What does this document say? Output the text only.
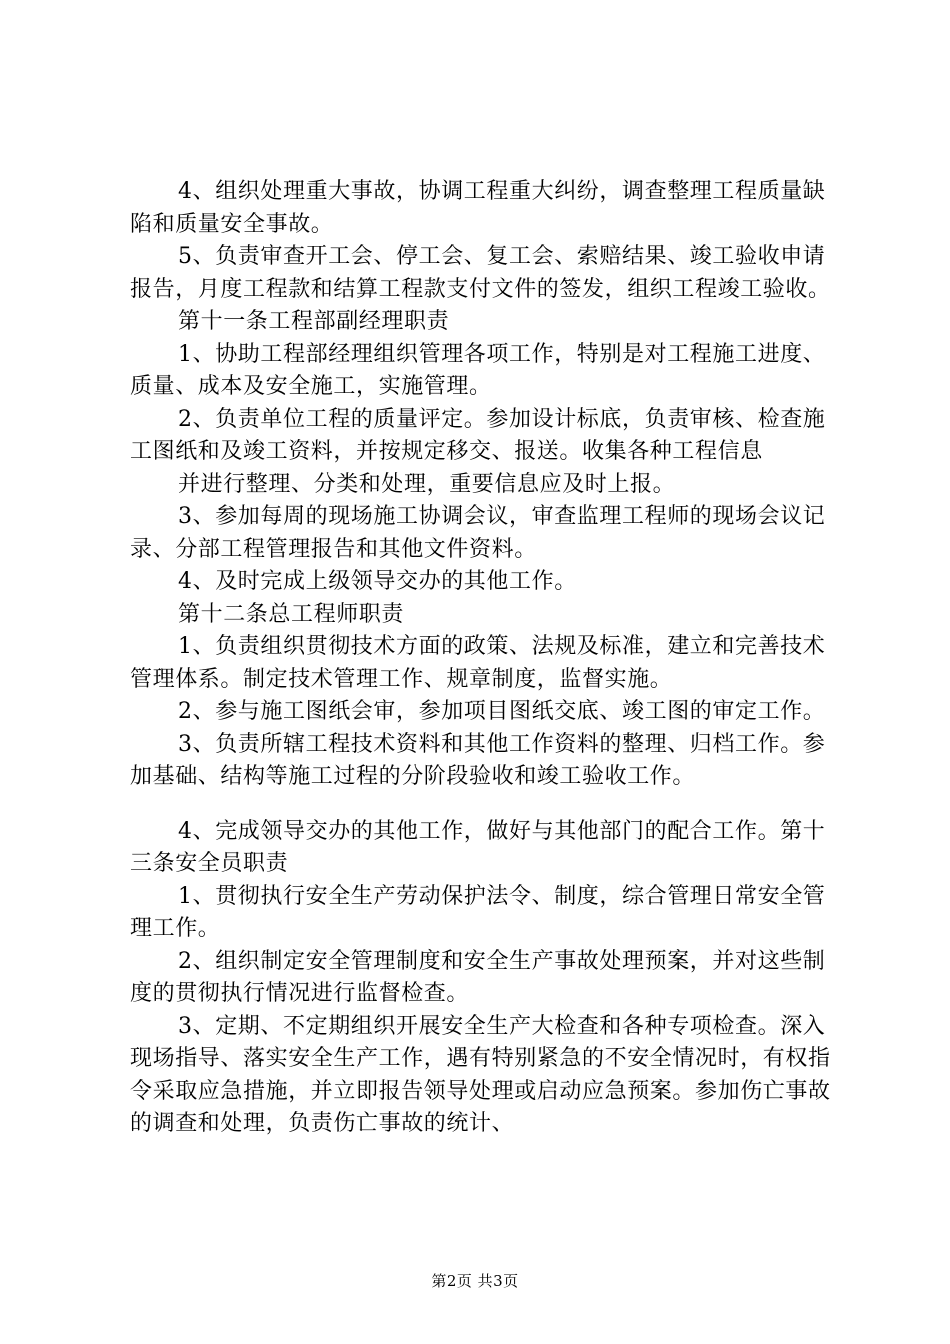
4、组织处理重大事故，协调工程重大纠纷，调查整理工程质量缺陷和质量安全事故。

5、负责审查开工会、停工会、复工会、索赔结果、竣工验收申请报告，月度工程款和结算工程款支付文件的签发，组织工程竣工验收。

第十一条工程部副经理职责

1、协助工程部经理组织管理各项工作，特别是对工程施工进度、质量、成本及安全施工，实施管理。

2、负责单位工程的质量评定。参加设计标底，负责审核、检查施工图纸和及竣工资料，并按规定移交、报送。收集各种工程信息

并进行整理、分类和处理，重要信息应及时上报。

3、参加每周的现场施工协调会议，审查监理工程师的现场会议记录、分部工程管理报告和其他文件资料。

4、及时完成上级领导交办的其他工作。

第十二条总工程师职责

1、负责组织贯彻技术方面的政策、法规及标准，建立和完善技术管理体系。制定技术管理工作、规章制度，监督实施。

2、参与施工图纸会审，参加项目图纸交底、竣工图的审定工作。

3、负责所辖工程技术资料和其他工作资料的整理、归档工作。参加基础、结构等施工过程的分阶段验收和竣工验收工作。

4、完成领导交办的其他工作，做好与其他部门的配合工作。第十三条安全员职责

1、贯彻执行安全生产劳动保护法令、制度，综合管理日常安全管理工作。

2、组织制定安全管理制度和安全生产事故处理预案，并对这些制度的贯彻执行情况进行监督检查。

3、定期、不定期组织开展安全生产大检查和各种专项检查。深入现场指导、落实安全生产工作，遇有特别紧急的不安全情况时，有权指令采取应急措施，并立即报告领导处理或启动应急预案。参加伤亡事故的调查和处理，负责伤亡事故的统计、

第2页 共3页
